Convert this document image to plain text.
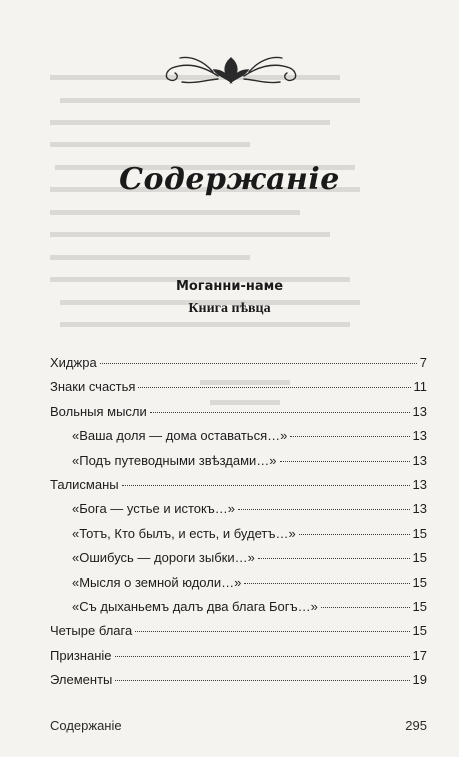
Содержанiе
Моганни-наме
Книга пѣвца
Хиджра	7
Знаки счастья	11
Вольныя мысли	13
«Ваша доля — дома оставаться…»	13
«Подъ путеводными звѣздами…»	13
Талисманы	13
«Бога — устье и истокъ…»	13
«Тотъ, Кто былъ, и есть, и будетъ…»	15
«Ошибусь — дороги зыбки…»	15
«Мысля о земной юдоли…»	15
«Съ дыханьемъ далъ два блага Богъ…»	15
Четыре блага	15
Признанiе	17
Элементы	19
Содержанiе	295
